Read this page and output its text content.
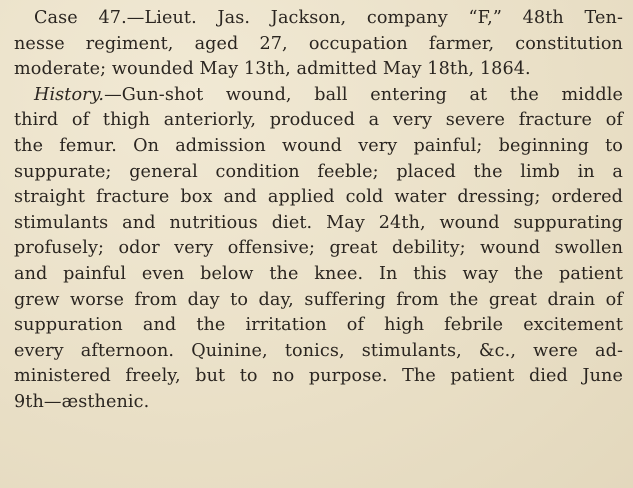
Case 47.—Lieut. Jas. Jackson, company “F,” 48th Ten-
nesse regiment, aged 27, occupation farmer, constitution
moderate; wounded May 13th, admitted May 18th, 1864.
History.—Gun-shot wound, ball entering at the middle
third of thigh anteriorly, produced a very severe fracture of
the femur. On admission wound very painful; beginning to
suppurate; general condition feeble; placed the limb in a
straight fracture box and applied cold water dressing; ordered
stimulants and nutritious diet. May 24th, wound suppurating
profusely; odor very offensive; great debility; wound swollen
and painful even below the knee. In this way the patient
grew worse from day to day, suffering from the great drain of
suppuration and the irritation of high febrile excitement
every afternoon. Quinine, tonics, stimulants, &c., were ad-
ministered freely, but to no purpose. The patient died June
9th—æsthenic.
